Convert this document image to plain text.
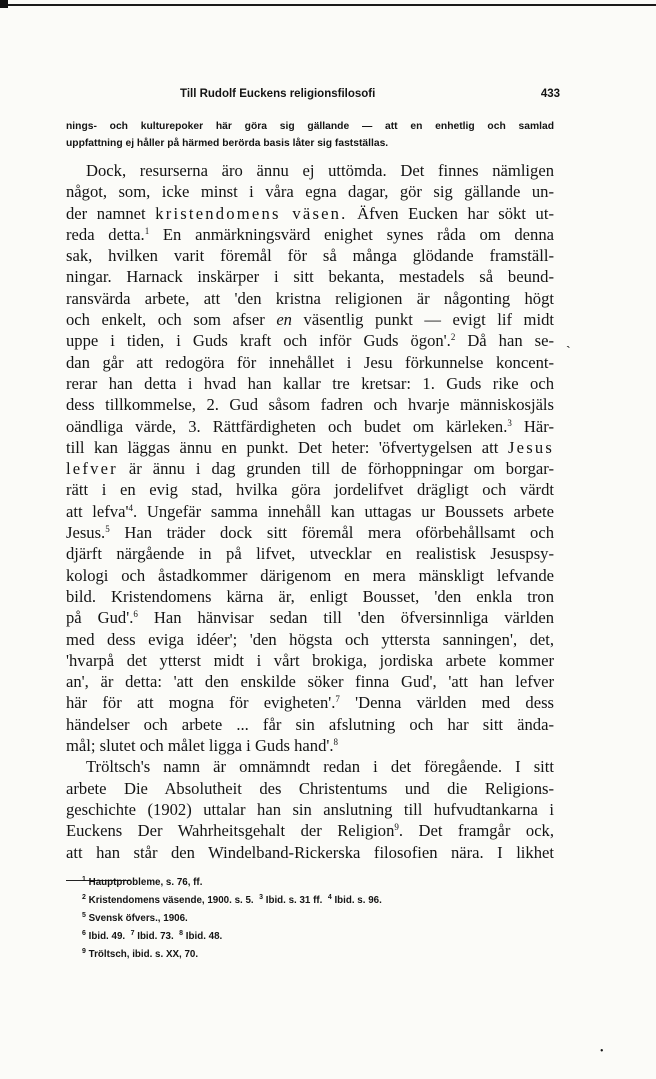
Till Rudolf Euckens religionsfilosofi	433
nings- och kulturepoker här göra sig gällande — att en enhetlig och samlad
uppfattning ej håller på härmed berörda basis låter sig fastställas.
Dock, resurserna äro ännu ej uttömda. Det finnes nämligen
något, som, icke minst i våra egna dagar, gör sig gällande un-
der namnet kristendomens väsen. Äfven Eucken har sökt ut-
reda detta.$^1$ En anmärkningsvärd enighet synes råda om denna
sak, hvilken varit föremål för så många glödande framställ-
ningar. Harnack inskärper i sitt bekanta, mestadels så beund-
ransvärda arbete, att 'den kristna religionen är någonting högt
och enkelt, och som afser en väsentlig punkt — evigt lif midt
uppe i tiden, i Guds kraft och inför Guds ögon'.$^2$ Då han se-
dan går att redogöra för innehållet i Jesu förkunnelse koncent-
rerar han detta i hvad han kallar tre kretsar: 1. Guds rike och
dess tillkommelse, 2. Gud såsom fadren och hvarje människosjäls
oändliga värde, 3. Rättfärdigheten och budet om kärleken.$^3$ Här-
till kan läggas ännu en punkt. Det heter: 'öfvertygelsen att Jesus
lefver är ännu i dag grunden till de förhoppningar om borgar-
rätt i en evig stad, hvilka göra jordelifvet drägligt och värdt
att $lefva'^4$. Ungefär samma innehåll kan uttagas ur Boussets arbete
Jesus.$^5$ Han träder dock sitt föremål mera oförbehållsamt och
djärft närgående in på lifvet, utvecklar en realistisk Jesuspsy-
kologi och åstadkommer därigenom en mera mänskligt lefvande
bild. Kristendomens kärna är, enligt Bousset, 'den enkla tron
på Gud'.$^6$ Han hänvisar sedan till 'den öfversinnliga världen
med dess eviga idéer'; 'den högsta och yttersta sanningen', det,
'hvarpå det ytterst midt i vårt brokiga, jordiska arbete kommer
an', är detta: 'att den enskilde söker finna Gud', 'att han lefver
här för att mogna för evigheten'.$^7$ 'Denna världen med dess
händelser och arbete ... får sin afslutning och har sitt ända-
mål; slutet och målet ligga i Guds hand'.$^8$
Tröltsch's namn är omnämndt redan i det föregående. I sitt
arbete Die Absolutheit des Christentums und die Religions-
geschichte (1902) uttalar han sin anslutning till hufvudtankarna i
Euckens Der Wahrheitsgehalt der Religion$^9$. Det framgår ock,
att han står den Windelband-Rickerska filosofien nära. I likhet
$^1$ Hauptprobleme, s. 76, ff.
$^2$ Kristendomens väsende, 1900. s. 5. $^3$ Ibid. s. 31 ff. $^4$ Ibid. s. 96.
$^5$ Svensk öfvers., 1906.
$^6$ Ibid. 49. $^7$ Ibid. 73. $^8$ Ibid. 48.
$^9$ Tröltsch, ibid. s. XX, 70.
ˎ
•
